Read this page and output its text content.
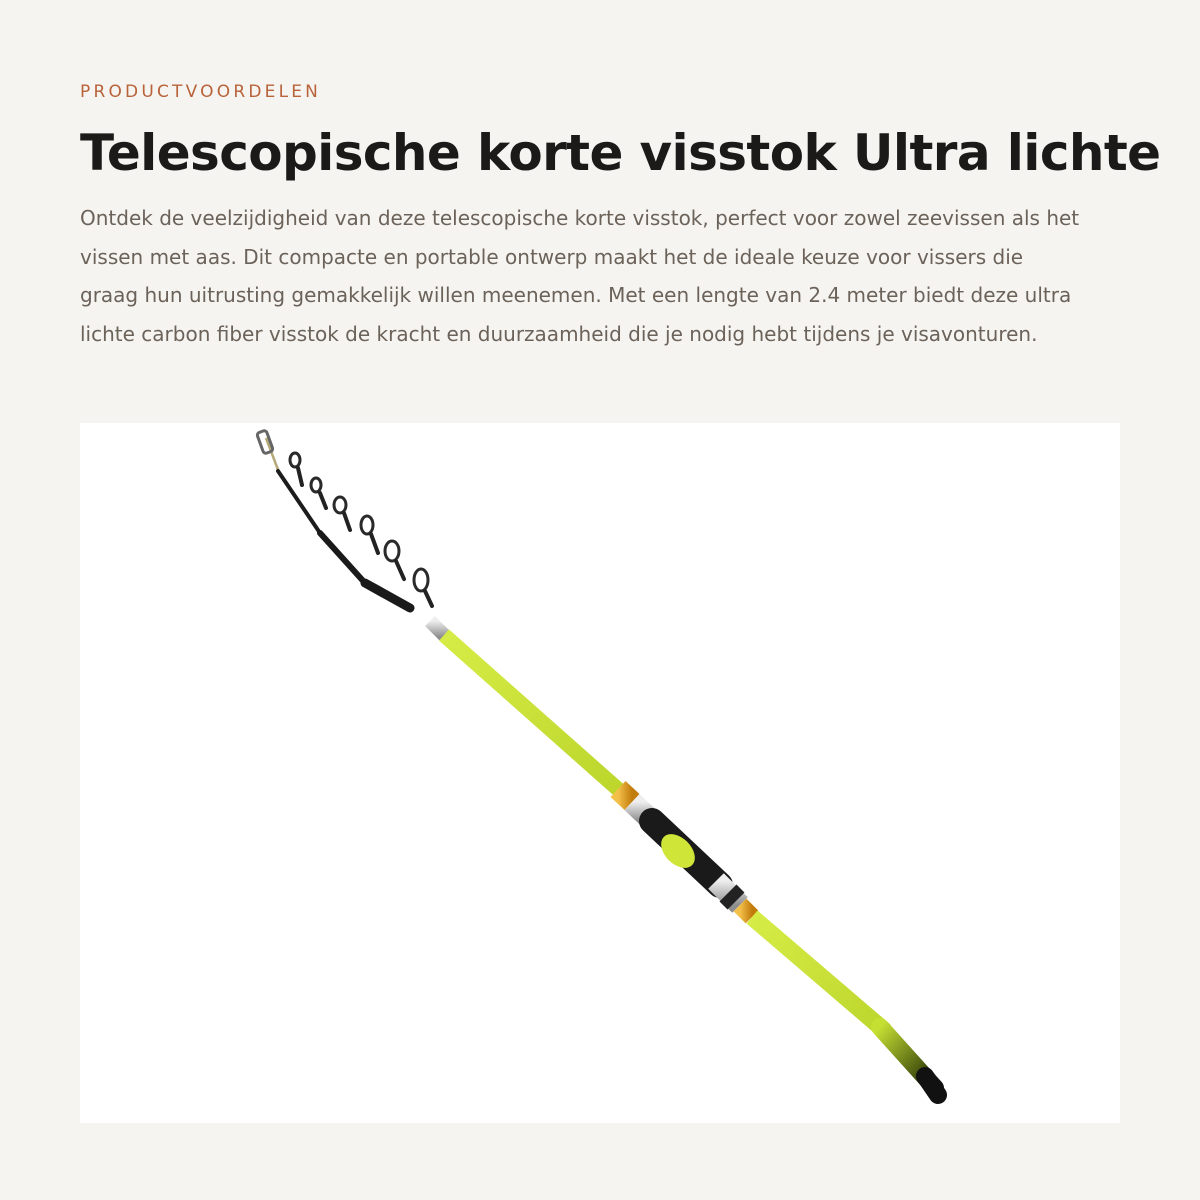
PRODUCTVOORDELEN

Telescopische korte visstok Ultra lichte

Ontdek de veelzijdigheid van deze telescopische korte visstok, perfect voor zowel zeevissen als het vissen met aas. Dit compacte en portable ontwerp maakt het de ideale keuze voor vissers die graag hun uitrusting gemakkelijk willen meenemen. Met een lengte van 2.4 meter biedt deze ultra lichte carbon fiber visstok de kracht en duurzaamheid die je nodig hebt tijdens je visavonturen.
